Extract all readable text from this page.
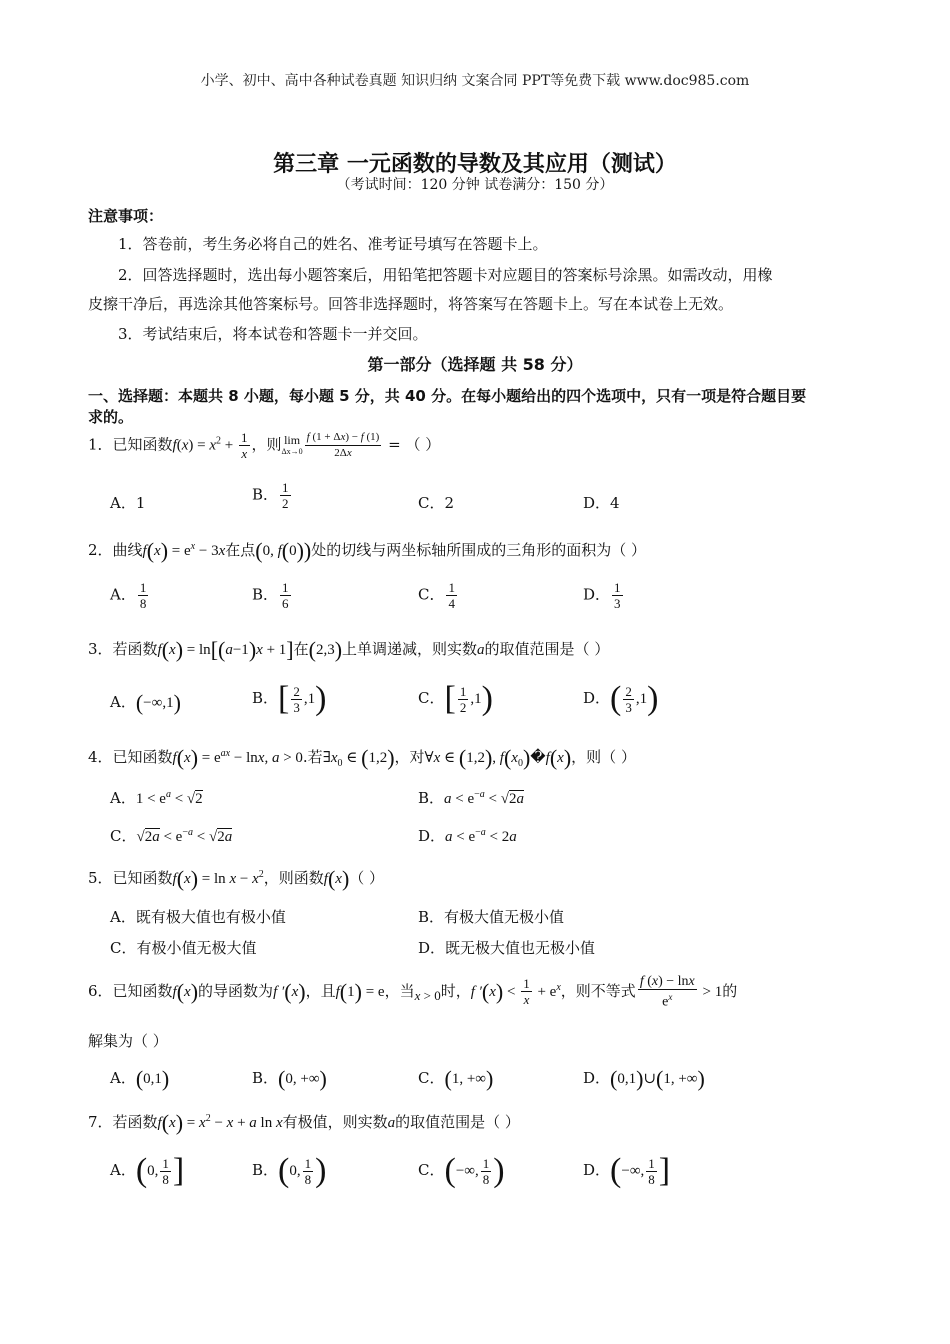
小学、初中、高中各种试卷真题 知识归纳 文案合同 PPT等免费下载 www.doc985.com
第三章 一元函数的导数及其应用（测试）
（考试时间：120 分钟 试卷满分：150 分）
注意事项：
1．答卷前，考生务必将自己的姓名、准考证号填写在答题卡上。
2．回答选择题时，选出每小题答案后，用铅笔把答题卡对应题目的答案标号涂黑。如需改动，用橡
皮擦干净后，再选涂其他答案标号。回答非选择题时，将答案写在答题卡上。写在本试卷上无效。
3．考试结束后，将本试卷和答题卡一并交回。
第一部分（选择题 共 58 分）
一、选择题：本题共 8 小题，每小题 5 分，共 40 分。在每小题给出的四个选项中，只有一项是符合题目要
求的。
1．已知函数$f(x) = x^2 + \frac{1}{x}$ ，则 lim
$\Delta x\to 0 \frac{f (1 + \Delta x) - f (1)}{2\Delta x}$ = （ ）
A．1	B． $\frac{1}{2}$	C．2	D．4
2．曲线$f(x) = e^x - 3x$在点(0, f(0))处的切线与两坐标轴所围成的三角形的面积为（ ）
A． $\frac{1}{8}$	B． $\frac{1}{6}$	C． $\frac{1}{4}$	D． $\frac{1}{3}$
3．若函数f(x) = ln[(a−1)x + 1]在(2,3)上单调递减，则实数a的取值范围是（ ）
A．(−∞,1)	B．[ $\frac{2}{3} ,1$)	C．[ $\frac{1}{2} ,1$)	D．( $\frac{2}{3} ,1$)
4．已知函数$f(x) = e^{ax} - \ln x$, a > 0.若$\exists x_0$ ∈ (1,2)，对∀x ∈ (1,2), $f(x_0)�f(x)$，则（ ）
A．$1 < e^a < √2$	B．$a < e^{-a} < √2a$
C．$√2a < e^{-a} < √2a$	D．$a < e^{-a} < 2a$
5．已知函数$f(x) = \ln x - x^2$，则函数f(x)（ ）
A．既有极大值也有极小值	B．有极大值无极小值
C．有极小值无极大值	D．既无极大值也无极小值
6．已知函数f(x)的导函数为f ′(x)，且f(1) = e，当x > 0时，f $'(x) < \frac{1}{x} + e^x$，则不等式 $\frac{f (x) - \ln x}{e^x} > 1$的
解集为（ ）
A．(0,1)	B．(0, +∞)	C．(1, +∞)	D．(0,1)∪(1, +∞)
7．若函数$f(x) = x^2 - x + a$ ln x有极值，则实数a的取值范围是（ ）
A．(0, $\frac{1}{8}$ ]	B．(0, $\frac{1}{8}$ )	C．(−∞, $\frac{1}{8}$ )	D．(−∞, $\frac{1}{8}$ ]
